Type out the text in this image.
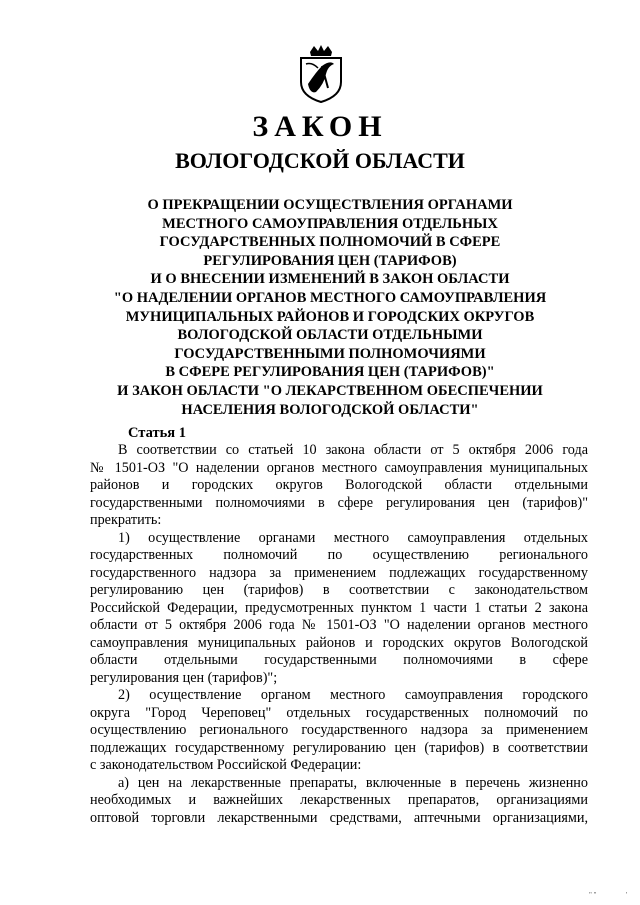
ЗАКОН
ВОЛОГОДСКОЙ ОБЛАСТИ
О ПРЕКРАЩЕНИИ ОСУЩЕСТВЛЕНИЯ ОРГАНАМИ
МЕСТНОГО САМОУПРАВЛЕНИЯ ОТДЕЛЬНЫХ
ГОСУДАРСТВЕННЫХ ПОЛНОМОЧИЙ В СФЕРЕ
РЕГУЛИРОВАНИЯ ЦЕН (ТАРИФОВ)
И О ВНЕСЕНИИ ИЗМЕНЕНИЙ В ЗАКОН ОБЛАСТИ
"О НАДЕЛЕНИИ ОРГАНОВ МЕСТНОГО САМОУПРАВЛЕНИЯ
МУНИЦИПАЛЬНЫХ РАЙОНОВ И ГОРОДСКИХ ОКРУГОВ
ВОЛОГОДСКОЙ ОБЛАСТИ ОТДЕЛЬНЫМИ
ГОСУДАРСТВЕННЫМИ ПОЛНОМОЧИЯМИ
В СФЕРЕ РЕГУЛИРОВАНИЯ ЦЕН (ТАРИФОВ)"
И ЗАКОН ОБЛАСТИ "О ЛЕКАРСТВЕННОМ ОБЕСПЕЧЕНИИ
НАСЕЛЕНИЯ ВОЛОГОДСКОЙ ОБЛАСТИ"
Статья 1
В соответствии со статьей 10 закона области от 5 октября 2006 года
№ 1501-ОЗ "О наделении органов местного самоуправления муниципальных
районов и городских округов Вологодской области отдельными
государственными полномочиями в сфере регулирования цен (тарифов)"
прекратить:
1) осуществление органами местного самоуправления отдельных
государственных полномочий по осуществлению регионального
государственного надзора за применением подлежащих государственному
регулированию цен (тарифов) в соответствии с законодательством
Российской Федерации, предусмотренных пунктом 1 части 1 статьи 2 закона
области от 5 октября 2006 года № 1501-ОЗ "О наделении органов местного
самоуправления муниципальных районов и городских округов Вологодской
области отдельными государственными полномочиями в сфере
регулирования цен (тарифов)";
2) осуществление органом местного самоуправления городского
округа "Город Череповец" отдельных государственных полномочий по
осуществлению регионального государственного надзора за применением
подлежащих государственному регулированию цен (тарифов) в соответствии
с законодательством Российской Федерации:
а) цен на лекарственные препараты, включенные в перечень жизненно
необходимых и важнейших лекарственных препаратов, организациями
оптовой торговли лекарственными средствами, аптечными организациями,
" "	'
